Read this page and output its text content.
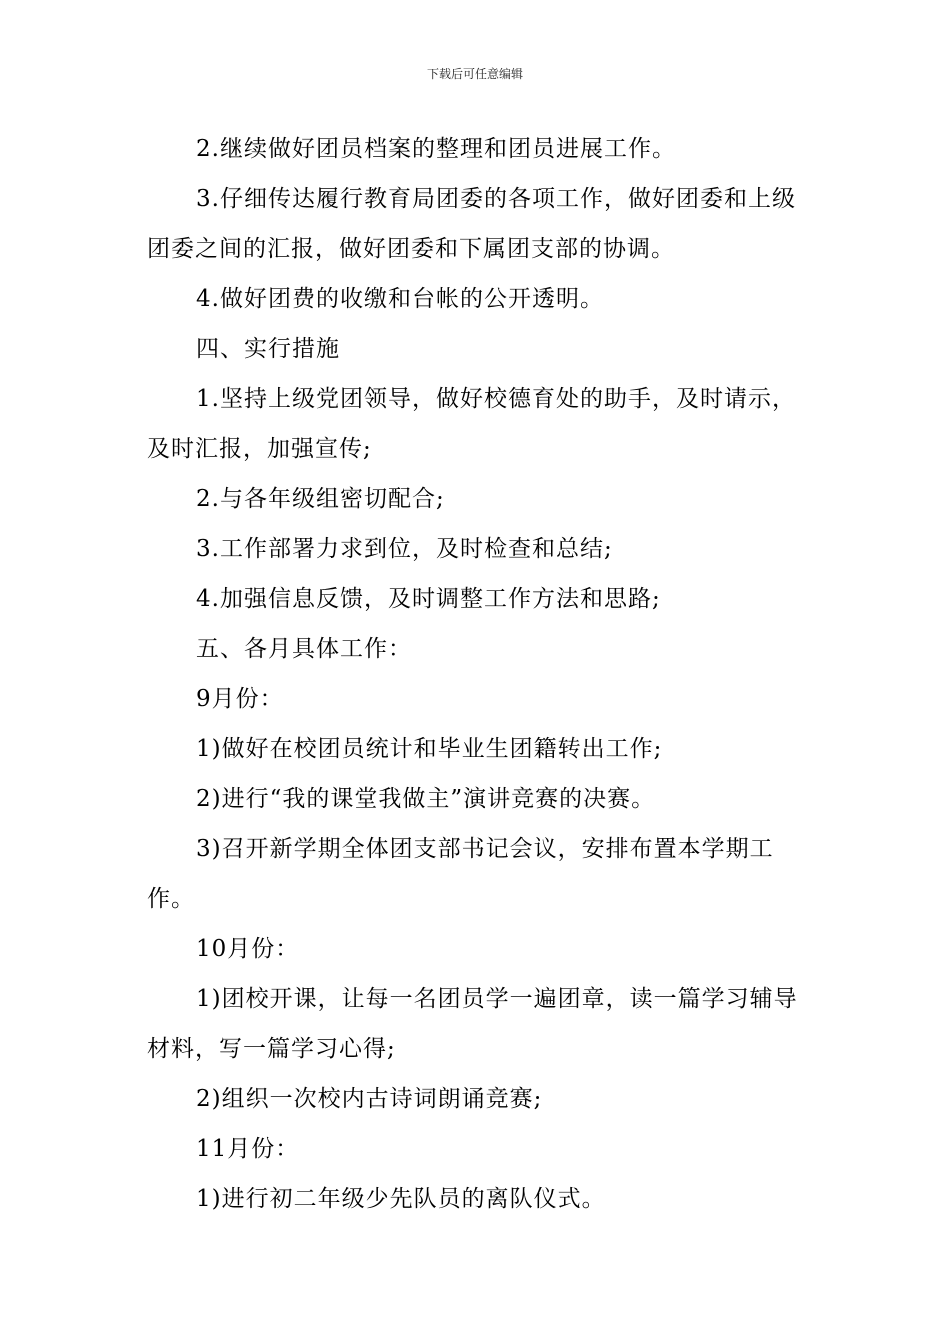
下载后可任意编辑

2.继续做好团员档案的整理和团员进展工作。

3.仔细传达履行教育局团委的各项工作，做好团委和上级团委之间的汇报，做好团委和下属团支部的协调。

4.做好团费的收缴和台帐的公开透明。

四、实行措施

1.坚持上级党团领导，做好校德育处的助手，及时请示，及时汇报，加强宣传;

2.与各年级组密切配合;

3.工作部署力求到位，及时检查和总结;

4.加强信息反馈，及时调整工作方法和思路;

五、各月具体工作：

9月份：

1)做好在校团员统计和毕业生团籍转出工作;

2)进行“我的课堂我做主”演讲竞赛的决赛。

3)召开新学期全体团支部书记会议，安排布置本学期工作。

10月份：

1)团校开课，让每一名团员学一遍团章，读一篇学习辅导材料，写一篇学习心得;

2)组织一次校内古诗词朗诵竞赛;

11月份：

1)进行初二年级少先队员的离队仪式。
